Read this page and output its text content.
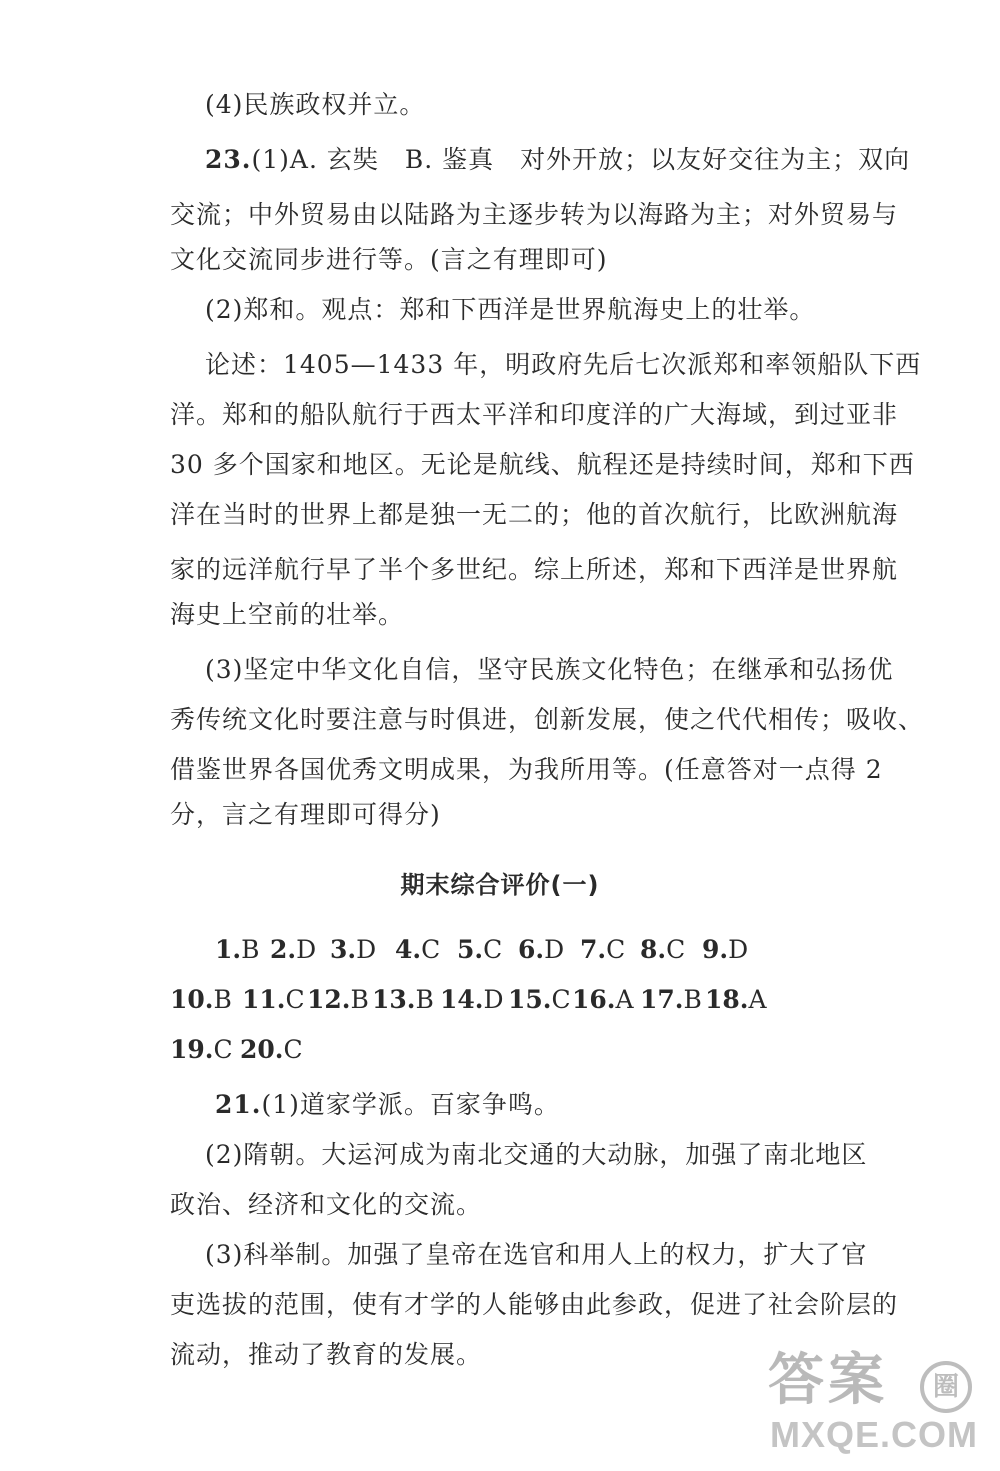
(4)民族政权并立。
23.(1)A. 玄奘　B. 鉴真　对外开放；以友好交往为主；双向
交流；中外贸易由以陆路为主逐步转为以海路为主；对外贸易与
文化交流同步进行等。(言之有理即可)
(2)郑和。观点：郑和下西洋是世界航海史上的壮举。
论述：1405—1433 年，明政府先后七次派郑和率领船队下西
洋。郑和的船队航行于西太平洋和印度洋的广大海域，到过亚非
30 多个国家和地区。无论是航线、航程还是持续时间，郑和下西
洋在当时的世界上都是独一无二的；他的首次航行，比欧洲航海
家的远洋航行早了半个多世纪。综上所述，郑和下西洋是世界航
海史上空前的壮举。
(3)坚定中华文化自信，坚守民族文化特色；在继承和弘扬优
秀传统文化时要注意与时俱进，创新发展，使之代代相传；吸收、
借鉴世界各国优秀文明成果，为我所用等。(任意答对一点得 2
分，言之有理即可得分)
期末综合评价(一)
1.B 2.D 3.D 4.C 5.C 6.D 7.C 8.C 9.D
10.B 11.C 12.B 13.B 14.D 15.C 16.A 17.B 18.A
19.C 20.C
21.(1)道家学派。百家争鸣。
(2)隋朝。大运河成为南北交通的大动脉，加强了南北地区
政治、经济和文化的交流。
(3)科举制。加强了皇帝在选官和用人上的权力，扩大了官
吏选拔的范围，使有才学的人能够由此参政，促进了社会阶层的
流动，推动了教育的发展。	答案	圈
MXQE.COM
